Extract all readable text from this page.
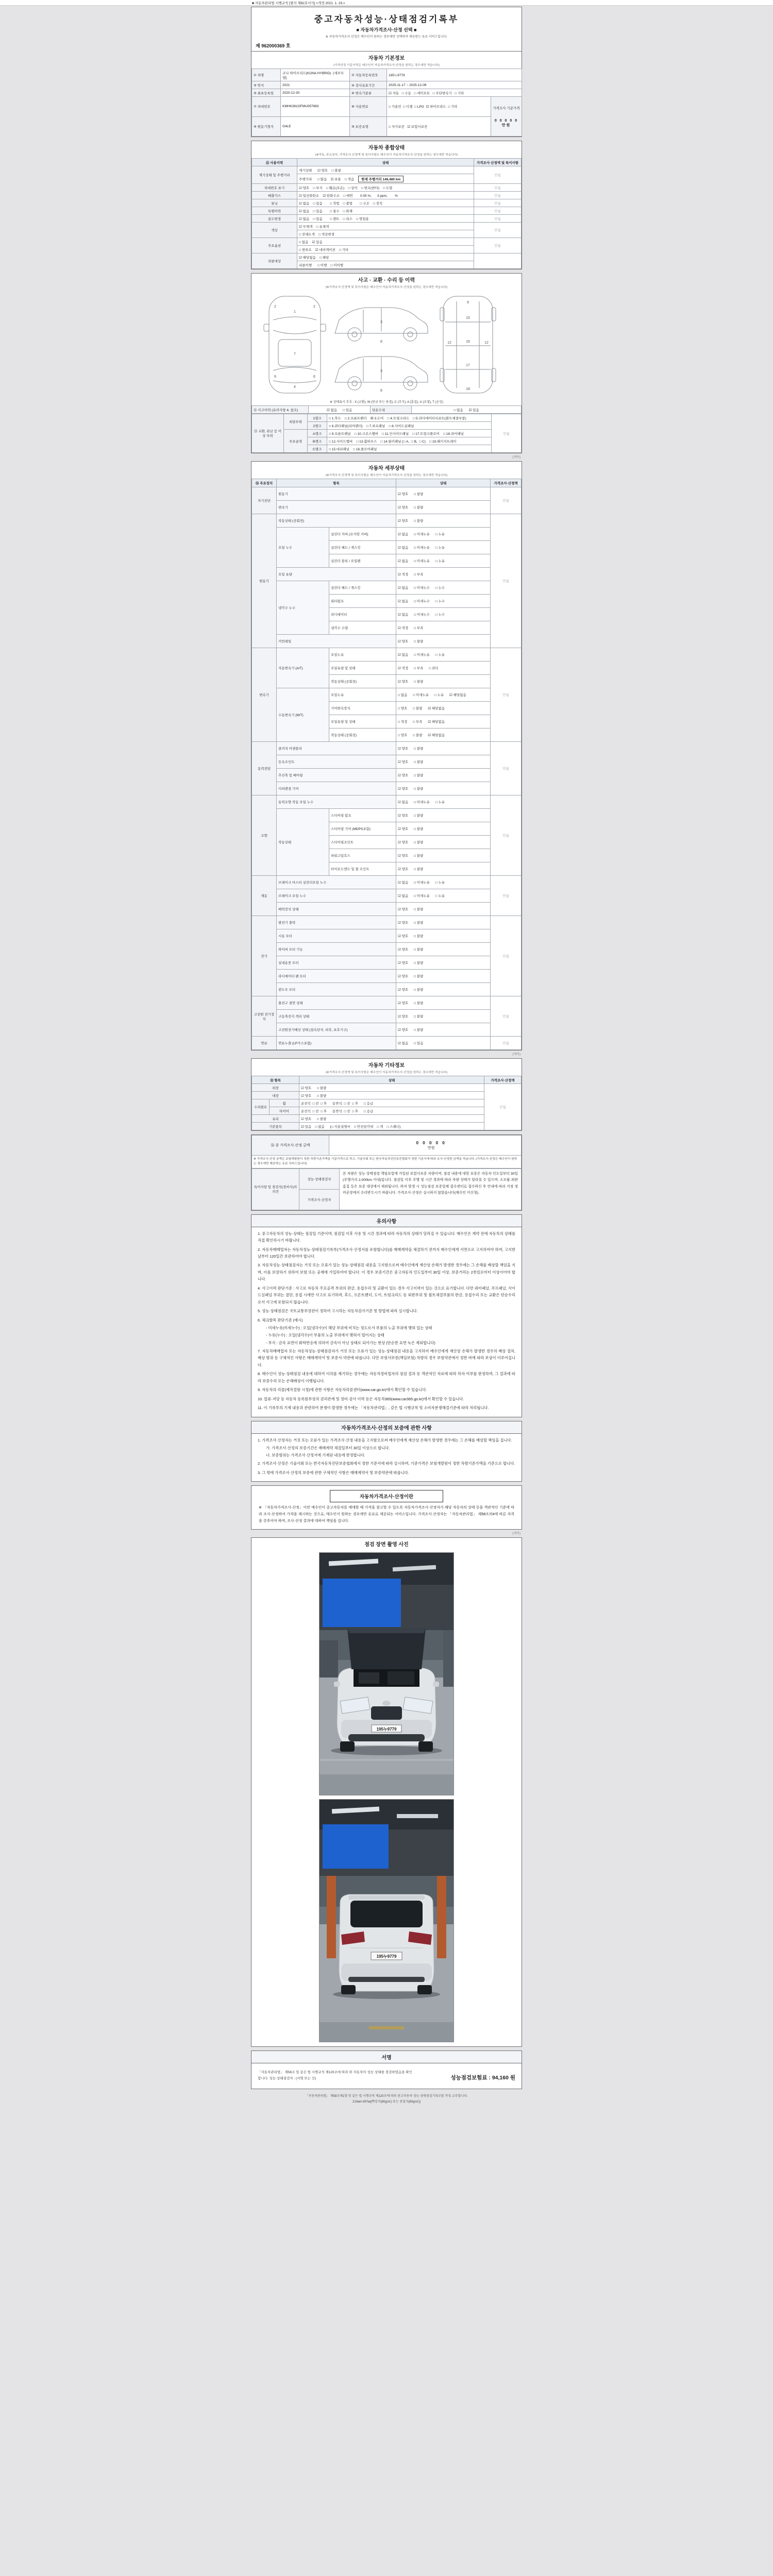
■ 자동차관리법 시행규칙 [별지 제82호서식] <개정 2021. 1. 19.>
중고자동차성능·상태점검기록부
■ 자동차가격조사·산정 선택 ■
※ 자동차가격조사·산정은 매수인이 원하는 경우에만 선택하여 제공받는 유료 서비스입니다.
제 962000369 호
자동차 기본정보
(가격산정 기준가격은 매수인이 자동차가격조사·산정을 원하는 경우에만 적습니다)
① 차명	코나 하이브리드(KONA HYBRID)  (세부모델)	② 자동차등록번호	195누9779	
③ 연식	2021	④ 검사유효기간	2025-11-17 ~ 2025-12-09	
⑤ 최초등록일	2020-12-30	⑥ 변속기종류	☑ 자동   □ 수동   □ 세미오토   □ 무단변속기   □ 기타	
⑦ 차대번호	KMHK381GFMU057883	⑧ 사용연료	□ 가솔린  □ 디젤  □ LPG  ☑ 하이브리드  □ 기타	가격조사 기준가격

0 0 0 0 0 만원

⑨ 원동기형식	G4LE	⑩ 보증유형	□ 자가보증   ☑ 보험사보증	
자동차 종합상태
(※작동, 주요장치, 가격조사·산정액 및 특이사항은 매수인이 자동차가격조사·산정을 원하는 경우에만 적습니다)
⑪ 사용이력	상태	가격조사·산정액 및 특이사항
계기상태 및 주행거리	계기상태      ☑ 양호    □ 불량	안됨
	주행거리      □ 많음    ☑ 보통    □ 적음 현재 주행거리 146,480 km	
차대번호 표기	☑ 양호    □ 부식    □ 훼손(오손)    □ 상이    □ 변조(변타)    □ 도말	안됨
배출가스	☑ 일산화탄소    ☑ 탄화수소    □ 매연        0.05 %,      3 ppm,        %	안됨
튜닝	☑ 없음    □ 있음        □ 적법    □ 불법        □ 구조    □ 장치	안됨
특별이력	☑ 없음    □ 있음        □ 침수    □ 화재	안됨
용도변경	☑ 없음    □ 있음        □ 렌트    □ 리스    □ 영업용	안됨
색상	☑ 무채색    □ 유채색	안됨
	□ 전체도색    □ 색상변경	
주요옵션	□ 없음    ☑ 있음	안됨
	□ 썬루프    ☑ 네비게이션    □ 기타	
리콜대상	☑ 해당없음    □ 해당	
	리콜이행      □ 이행    □ 미이행	
사고 · 교환 · 수리 등 이력
(※가격조사·산정액 및 특이사항은 매수인이 자동차가격조사·산정을 원하는 경우에만 적습니다)
1
2	2
7
4
6	6
3
8
3
8
9
15
12	12
16
17
18
※ 상태표시 부호 : X (교환), W (판금 또는 용접), C (부식), A (흠집), U (요철), T (손상)
⑫ 사고이력 (유의사항 4. 참조)	☑ 없음      □ 있음	단순수리	□ 없음      ☑ 있음
⑬ 교환, 판금 등 이상 부위	외판부위	1랭크	□ 1.후드    □ 2.프론트펜더    ☒ 3.도어    □ 4.트렁크리드    □ 5.라디에이터서포트(볼트체결부품)	안됨
		2랭크	□ 6.쿼터패널(리어펜더)    □ 7.루프패널    □ 8.사이드실패널	
	주요골격	A랭크	□ 9.프론트패널    □ 10.크로스멤버    □ 11.인사이드패널    □ 17.트렁크플로어    □ 18.리어패널	
		B랭크	□ 12.사이드멤버    □ 13.휠하우스    □ 14.필러패널 (□ A,  □ B,  □ C)    □ 19.패키지트레이	
		C랭크	□ 15.대쉬패널    □ 16.플로어패널	
(계속)
자동차 세부상태
(※가격조사·산정액 및 특이사항은 매수인이 자동차가격조사·산정을 원하는 경우에만 적습니다)
⑭ 주요장치	항목		상태	가격조사·산정액
자기진단	원동기		☑ 양호      □ 불량	안됨
	변속기		☑ 양호      □ 불량	
원동기	작동상태 (공회전)		☑ 양호      □ 불량	안됨
	오일 누수	실린더 커버 (로커암 커버)	☑ 없음      □ 미세누유      □ 누유	
		실린더 헤드 / 개스킷	☑ 없음      □ 미세누유      □ 누유	
		실린더 블록 / 오일팬	☑ 없음      □ 미세누유      □ 누유	
	오일 유량		☑ 적정      □ 부족	
	냉각수 누수	실린더 헤드 / 개스킷	☑ 없음      □ 미세누수      □ 누수	
		워터펌프	☑ 없음      □ 미세누수      □ 누수	
		라디에이터	☑ 없음      □ 미세누수      □ 누수	
		냉각수 수량	☑ 적정      □ 부족	
	커먼레일		☑ 양호      □ 불량	
변속기	자동변속기 (A/T)	오일누유	☑ 없음      □ 미세누유      □ 누유	안됨
		오일유량 및 상태	☑ 적정      □ 부족      □ 과다	
		작동상태 (공회전)	☑ 양호      □ 불량	
	수동변속기 (M/T)	오일누유	□ 없음      □ 미세누유      □ 누유      ☑ 해당없음	
		기어변속장치	□ 양호      □ 불량      ☑ 해당없음	
		오일유량 및 상태	□ 적정      □ 부족      ☑ 해당없음	
		작동상태 (공회전)	□ 양호      □ 불량      ☑ 해당없음	
동력전달	클러치 어셈블리		☑ 양호      □ 불량	안됨
	등속조인트		☑ 양호      □ 불량	
	추진축 및 베어링		☑ 양호      □ 불량	
	디퍼렌셜 기어		☑ 양호      □ 불량	
조향	동력조향 작동 오일 누수		☑ 없음      □ 미세누유      □ 누유	안됨
	작동상태	스티어링 펌프	☑ 양호      □ 불량	
		스티어링 기어 (MDPS포함)	☑ 양호      □ 불량	
		스티어링조인트	☑ 양호      □ 불량	
		파워고압호스	☑ 양호      □ 불량	
		타이로드엔드 및 볼 조인트	☑ 양호      □ 불량	
제동	브레이크 마스터 실린더오일 누수		☑ 없음      □ 미세누유      □ 누유	안됨
	브레이크 오일 누수		☑ 없음      □ 미세누유      □ 누유	
	배력장치 상태		☑ 양호      □ 불량	
전기	발전기 출력		☑ 양호      □ 불량	안됨
	시동 모터		☑ 양호      □ 불량	
	와이퍼 모터 기능		☑ 양호      □ 불량	
	실내송풍 모터		☑ 양호      □ 불량	
	라디에이터 팬 모터		☑ 양호      □ 불량	
	윈도우 모터		☑ 양호      □ 불량	
고전원 전기장치	충전구 절연 상태		☑ 양호      □ 불량	안됨
	구동축전지 격리 상태		☑ 양호      □ 불량	
	고전원전기배선 상태 (접속단자, 피복, 보호기구)		☑ 양호      □ 불량	
연료	연료누출 (LP가스포함)		☑ 없음      □ 있음	안됨
(계속)
자동차 기타정보
(※가격조사·산정액 및 특이사항은 매수인이 자동차가격조사·산정을 원하는 경우에만 적습니다)
⑮ 항목		상태	가격조사·산정액
외장		☑ 양호      □ 불량	안됨
내장		☑ 양호      □ 불량	
수리필요	휠	운전석  □ 전  □ 후      동반석  □ 전  □ 후      □ 응급	
	타이어	운전석  □ 전  □ 후      동반석  □ 전  □ 후      □ 응급	
유리		☑ 양호      □ 불량	
기본품목		☑ 있음    □ 없음      (□ 사용설명서    □ 안전삼각대    □ 잭    □ 스패너)	
⑯ 종 가격조사·산정 금액	
0 0 0 0 0
만원

※ 가격조사·산정 금액은 보험개발원이 정한 차량기준가액을 기준가격으로 하고, 기술사회 또는 한국자동차진단보증협회가 정한 기준서에 따라 조사·산정한 금액을 적습니다. (가격조사·산정은 매수인이 원하는 경우에만 제공하는 유료 서비스입니다)
특이사항 및 점검자(정비사)의 의견	성능·상태점검자	본 차량은 성능·상태점검 책임보험에 가입된 보험사보증 차량이며, 점검 내용에 대한 보증은 자동차 인도일부터 30일(주행거리 2,000km 이내)입니다. 점검일 이후 주행 및 시간 경과에 따라 차량 상태가 달라질 수 있으며, 소모품·외관 흠집 등은 보증 대상에서 제외됩니다. 하자 발생 시 성능점검 보증업체 접수센터로 접수하신 후 안내에 따라 지정 정비공장에서 수리받으시기 바랍니다. 가격조사·산정은 실시하지 않았습니다(매수인 미신청).
가격조사·산정자
유의사항

1. 중고자동차의 성능·상태는 점검일 기준이며, 점검일 이후 사용 및 시간 경과에 따라 자동차의 상태가 달라질 수 있습니다. 매수인은 계약 전에 자동차의 상태를 직접 확인하시기 바랍니다.

2. 자동차매매업자는 자동차성능·상태점검기록부(가격조사·산정서를 포함합니다)를 매매계약을 체결하기 전까지 매수인에게 서면으로 고지하여야 하며, 고지한 날부터 120일간 보관하여야 합니다.

3. 자동차성능·상태점검자는 거짓 또는 오류가 있는 성능·상태점검 내용을 고지함으로써 매수인에게 재산상 손해가 발생한 경우에는 그 손해를 배상할 책임을 지며, 이를 보장하기 위하여 보험 또는 공제에 가입하여야 합니다. 이 경우 보증기간은 중고자동차 인도일부터 30일 이상, 보증거리는 2천킬로미터 이상이어야 합니다.

4. 사고이력 판단기준 : 사고로 자동차 주요골격 부위의 판금, 용접수리 및 교환이 있는 경우 사고이력이 있는 것으로 표기합니다. 다만 쿼터패널, 루프패널, 사이드실패널 부위는 절단, 용접 시에만 사고로 표기하며, 후드, 프론트펜더, 도어, 트렁크리드 등 외판부위 및 볼트체결부품의 판금, 용접수리 또는 교환은 단순수리로서 사고에 포함되지 않습니다.

5. 성능·상태점검은 국토교통부장관이 정하여 고시하는 자동차검사기준 및 방법에 따라 실시합니다.

6. 체크항목 판단기준 (예시)

- 미세누유(미세누수) : 오일(냉각수)이 해당 부위에 비치는 정도로서 부품의 노출 부위에 맺혀 있는 상태

- 누유(누수) : 오일(냉각수)이 부품의 노출 부위에서 맺혀서 떨어지는 상태

- 부식 : 금속 표면이 화학반응에 의하여 금속이 아닌 상태로 되어가는 현상 (단순한 표면 녹은 제외합니다)

7. 자동차매매업자 또는 자동차성능·상태점검자가 거짓 또는 오류가 있는 성능·상태점검 내용을 고지하여 매수인에게 재산상 손해가 발생한 경우의 배상 절차, 배상 범위 등 구체적인 사항은 매매계약서 및 보증서·약관에 따릅니다. 다만 보험사보증(책임보험) 차량의 경우 보험약관에서 정한 바에 따라 보상이 이루어집니다.

8. 매수인이 성능·상태점검 내용에 대하여 이의를 제기하는 경우에는 자동차정비업자의 점검 결과 등 객관적인 자료에 따라 하자 여부를 판정하며, 그 결과에 따라 보증수리 또는 손해배상이 이행됩니다.

9. 자동차의 리콜(제작결함 시정)에 관한 사항은 자동차리콜센터(www.car.go.kr)에서 확인할 수 있습니다.

10. 압류·저당 등 자동차 등록원부상의 권리관계 및 정비·검사 이력 등은 자동차365(www.car365.go.kr)에서 확인할 수 있습니다.

11. 이 기록부의 기재 내용과 관련하여 분쟁이 발생한 경우에는 「자동차관리법」, 같은 법 시행규칙 및 소비자분쟁해결기준에 따라 처리됩니다.

자동차가격조사·산정의 보증에 관한 사항

1. 가격조사·산정자는 거짓 또는 오류가 있는 가격조사·산정 내용을 고지함으로써 매수인에게 재산상 손해가 발생한 경우에는 그 손해를 배상할 책임을 집니다.

가. 가격조사·산정의 보증기간은 매매계약 체결일부터 30일 이상으로 합니다.

나. 보증범위는 가격조사·산정서에 기재된 내용에 한정합니다.

2. 가격조사·산정은 기술사회 또는 한국자동차진단보증협회에서 정한 기준서에 따라 실시하며, 기준가격은 보험개발원이 정한 차량기준가액을 기준으로 합니다.

3. 그 밖에 가격조사·산정의 보증에 관한 구체적인 사항은 매매계약서 및 보증약관에 따릅니다.

자동차가격조사·산정이란

※ 「자동차가격조사·산정」이란 매수인이 중고자동차를 매매할 때 가격을 참고할 수 있도록 자동차가격조사·산정자가 해당 자동차의 상태 등을 객관적인 기준에 따라 조사·산정하여 가격을 제시하는 것으로, 매수인이 원하는 경우에만 유료로 제공되는 서비스입니다. 가격조사·산정자는 「자동차관리법」 제58조의4에 따른 자격을 갖추어야 하며, 조사·산정 결과에 대하여 책임을 집니다.

(계속)
점검 장면 촬영 사진
195누9779
195누9779
서명
「자동차관리법」 제58조 및 같은 법 시행규칙 제120조에 따라 위 자동차의 성능·상태를 점검하였음을 확인합니다. 성능·상태점검자 : (서명 또는 인)	성능점검보험료 : 94,160 원
「자동차관리법」 제58조제1항 및 같은 법 시행규칙 제120조에 따라 중고자동차 성능·상태점검기록부를 작성·교부합니다.
210㎜×297㎜[백상지(80g/㎡) 또는 중질지(80g/㎡)]
